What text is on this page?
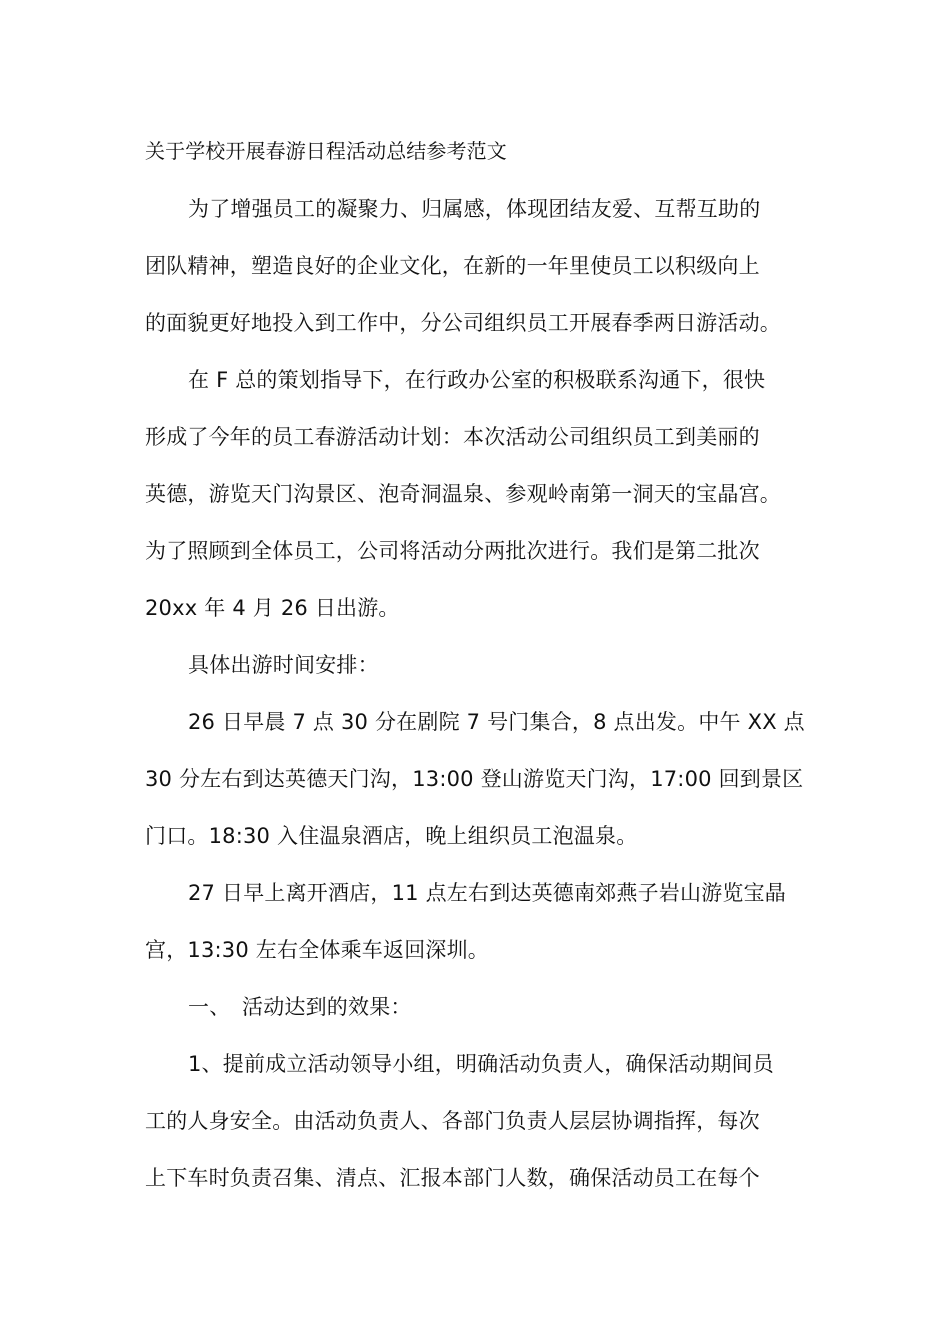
关于学校开展春游日程活动总结参考范文
为了增强员工的凝聚力、归属感，体现团结友爱、互帮互助的
团队精神，塑造良好的企业文化，在新的一年里使员工以积级向上
的面貌更好地投入到工作中，分公司组织员工开展春季两日游活动。
在 F 总的策划指导下，在行政办公室的积极联系沟通下，很快
形成了今年的员工春游活动计划：本次活动公司组织员工到美丽的
英德，游览天门沟景区、泡奇洞温泉、参观岭南第一洞天的宝晶宫。
为了照顾到全体员工，公司将活动分两批次进行。我们是第二批次
20xx 年 4 月 26 日出游。
具体出游时间安排：
26 日早晨 7 点 30 分在剧院 7 号门集合，8 点出发。中午 XX 点
30 分左右到达英德天门沟，13:00 登山游览天门沟，17:00 回到景区
门口。18:30 入住温泉酒店，晚上组织员工泡温泉。
27 日早上离开酒店，11 点左右到达英德南郊燕子岩山游览宝晶
宫，13:30 左右全体乘车返回深圳。
一、 活动达到的效果：
1、提前成立活动领导小组，明确活动负责人，确保活动期间员
工的人身安全。由活动负责人、各部门负责人层层协调指挥，每次
上下车时负责召集、清点、汇报本部门人数，确保活动员工在每个
